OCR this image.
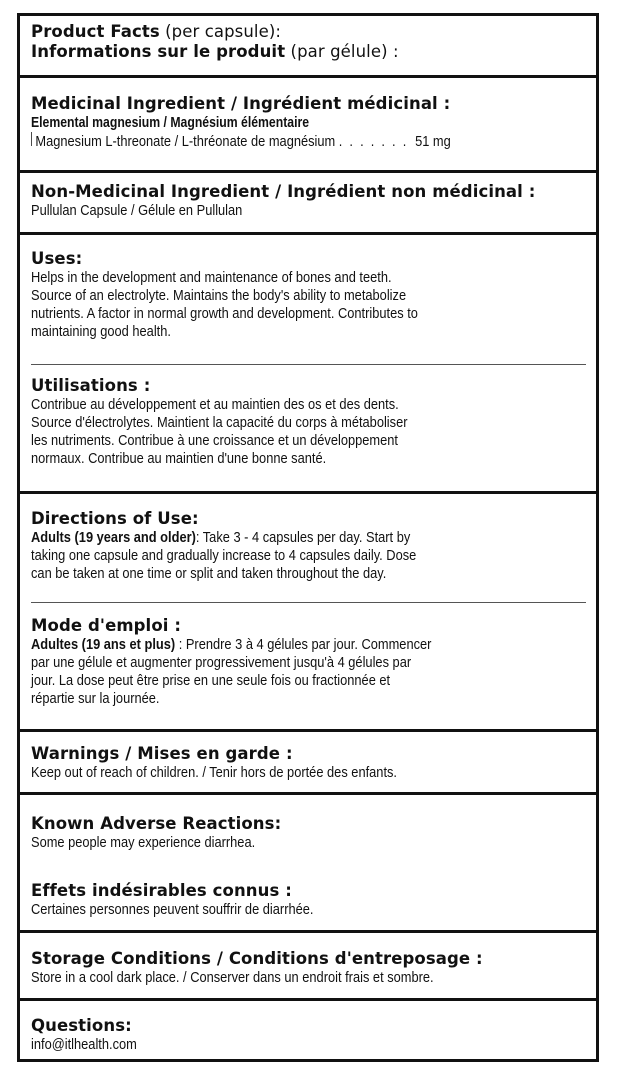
Product Facts (per capsule):
Informations sur le produit (par gélule) :
Medicinal Ingredient / Ingrédient médicinal :
Elemental magnesium / Magnésium élémentaire
Magnesium L-threonate / L-thréonate de magnésium . . . . . . . 51 mg
Non-Medicinal Ingredient / Ingrédient non médicinal :
Pullulan Capsule / Gélule en Pullulan
Uses:
Helps in the development and maintenance of bones and teeth.
Source of an electrolyte. Maintains the body's ability to metabolize
nutrients. A factor in normal growth and development. Contributes to
maintaining good health.
Utilisations :
Contribue au développement et au maintien des os et des dents.
Source d'électrolytes. Maintient la capacité du corps à métaboliser
les nutriments. Contribue à une croissance et un développement
normaux. Contribue au maintien d'une bonne santé.
Directions of Use:
Adults (19 years and older): Take 3 - 4 capsules per day. Start by
taking one capsule and gradually increase to 4 capsules daily. Dose
can be taken at one time or split and taken throughout the day.
Mode d'emploi :
Adultes (19 ans et plus) : Prendre 3 à 4 gélules par jour. Commencer
par une gélule et augmenter progressivement jusqu'à 4 gélules par
jour. La dose peut être prise en une seule fois ou fractionnée et
répartie sur la journée.
Warnings / Mises en garde :
Keep out of reach of children. / Tenir hors de portée des enfants.
Known Adverse Reactions:
Some people may experience diarrhea.
Effets indésirables connus :
Certaines personnes peuvent souffrir de diarrhée.
Storage Conditions / Conditions d'entreposage :
Store in a cool dark place. / Conserver dans un endroit frais et sombre.
Questions:
info@itlhealth.com
